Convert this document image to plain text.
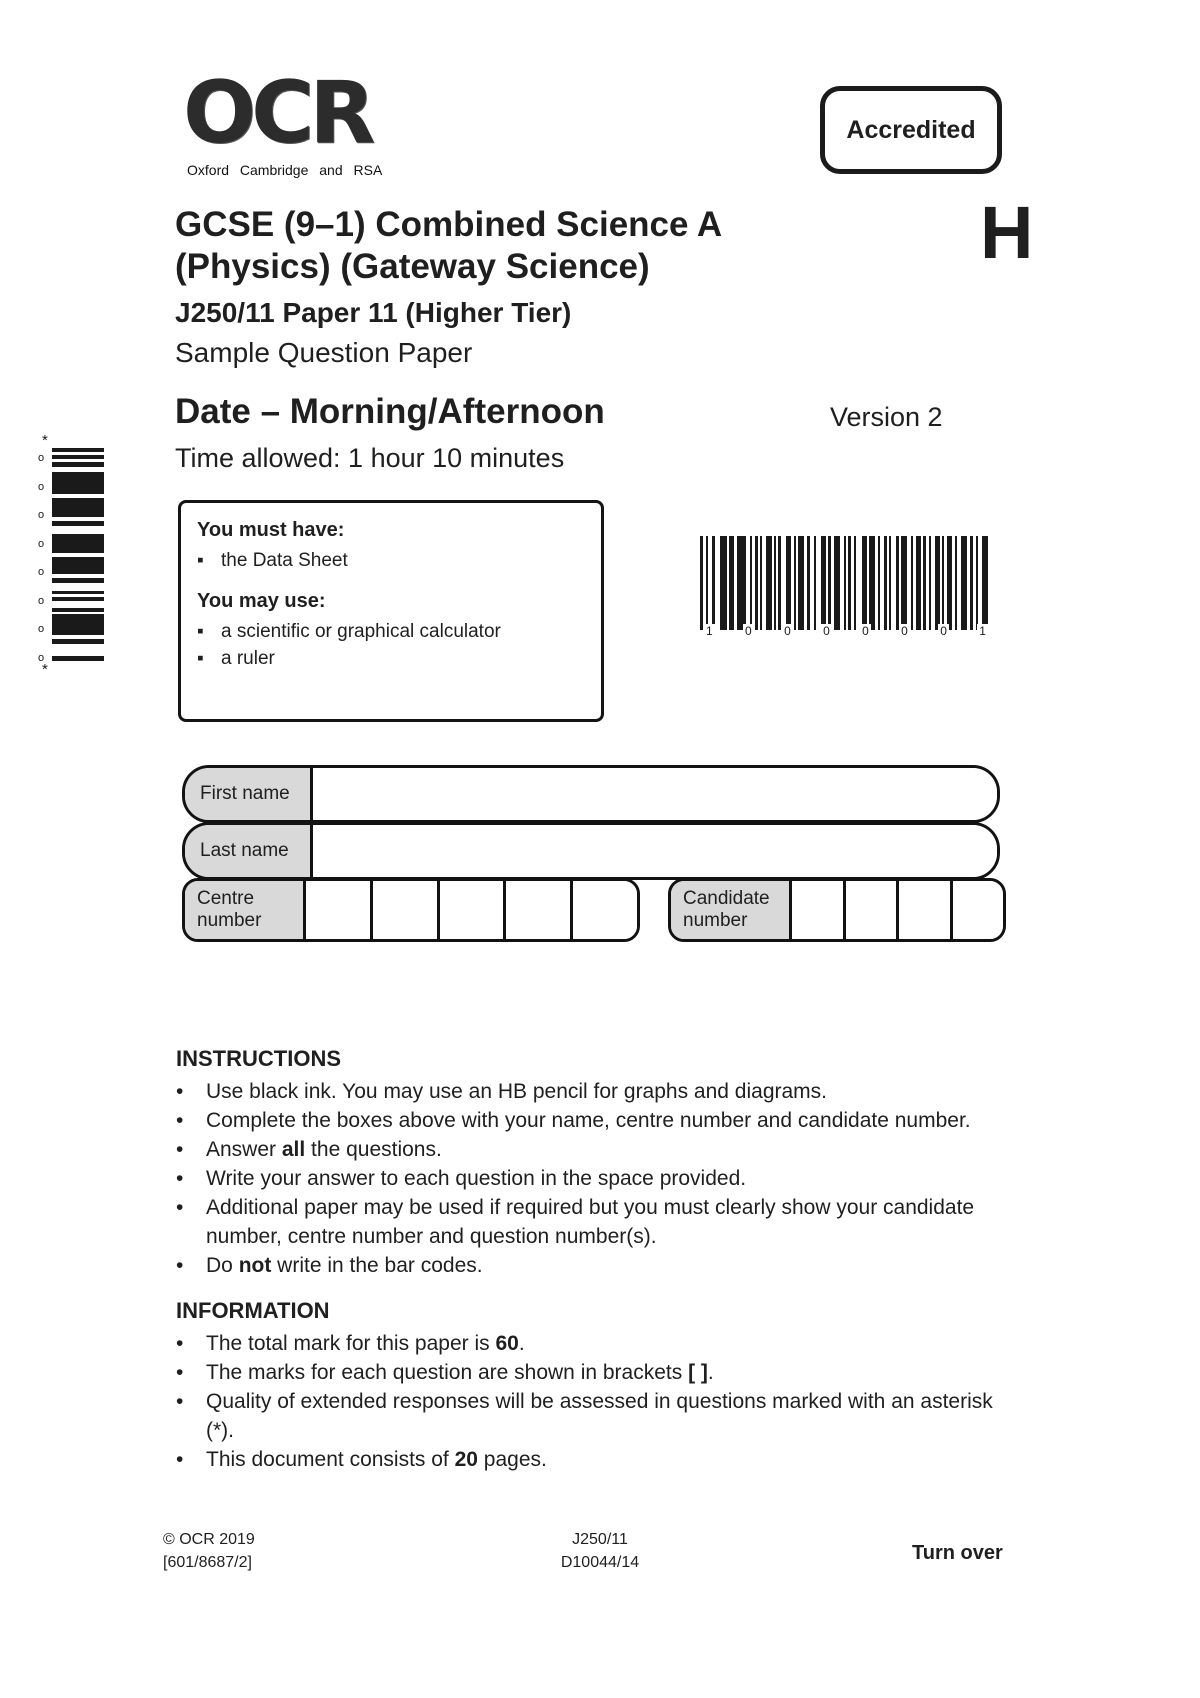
OCR
Oxford Cambridge and RSA
Accredited
GCSE (9–1) Combined Science A
(Physics) (Gateway Science)
J250/11 Paper 11 (Higher Tier)
Sample Question Paper
H
Date – Morning/Afternoon	Version 2
Time allowed: 1 hour 10 minutes
*
*
o
o
o
o
o
o
o
o
You must have:
▪ the Data Sheet
You may use:
▪ a scientific or graphical calculator
▪ a ruler
1	0	0	0	0	0	0	1
First name
Last name
Centre
number
Candidate
number
INSTRUCTIONS
•	Use black ink. You may use an HB pencil for graphs and diagrams.
•	Complete the boxes above with your name, centre number and candidate number.
•	Answer all the questions.
•	Write your answer to each question in the space provided.
•	Additional paper may be used if required but you must clearly show your candidate number, centre number and question number(s).
•	Do not write in the bar codes.
INFORMATION
•	The total mark for this paper is 60.
•	The marks for each question are shown in brackets [ ].
•	Quality of extended responses will be assessed in questions marked with an asterisk (*).
•	This document consists of 20 pages.
© OCR 2019
[601/8687/2]
J250/11
D10044/14	Turn over
